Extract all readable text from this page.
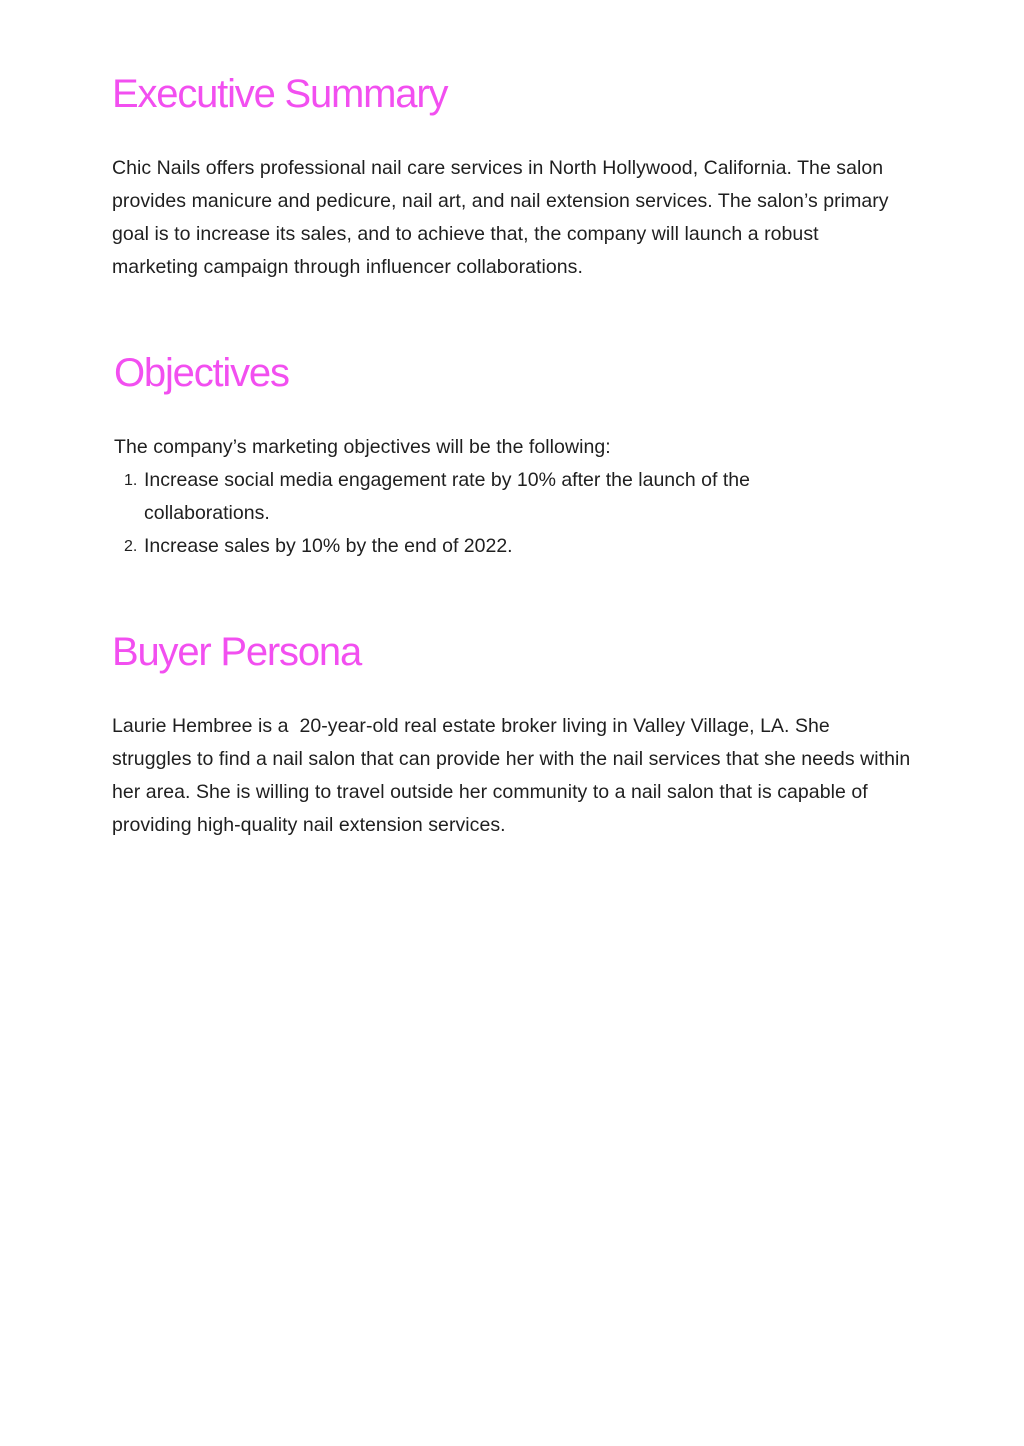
Executive Summary

Chic Nails offers professional nail care services in North Hollywood, California. The salon provides manicure and pedicure, nail art, and nail extension services. The salon’s primary goal is to increase its sales, and to achieve that, the company will launch a robust marketing campaign through influencer collaborations.

Objectives

The company’s marketing objectives will be the following:

1. Increase social media engagement rate by 10% after the launch of the collaborations.
2. Increase sales by 10% by the end of 2022.
Buyer Persona

Laurie Hembree is a  20-year-old real estate broker living in Valley Village, LA. She struggles to find a nail salon that can provide her with the nail services that she needs within her area. She is willing to travel outside her community to a nail salon that is capable of providing high-quality nail extension services.
